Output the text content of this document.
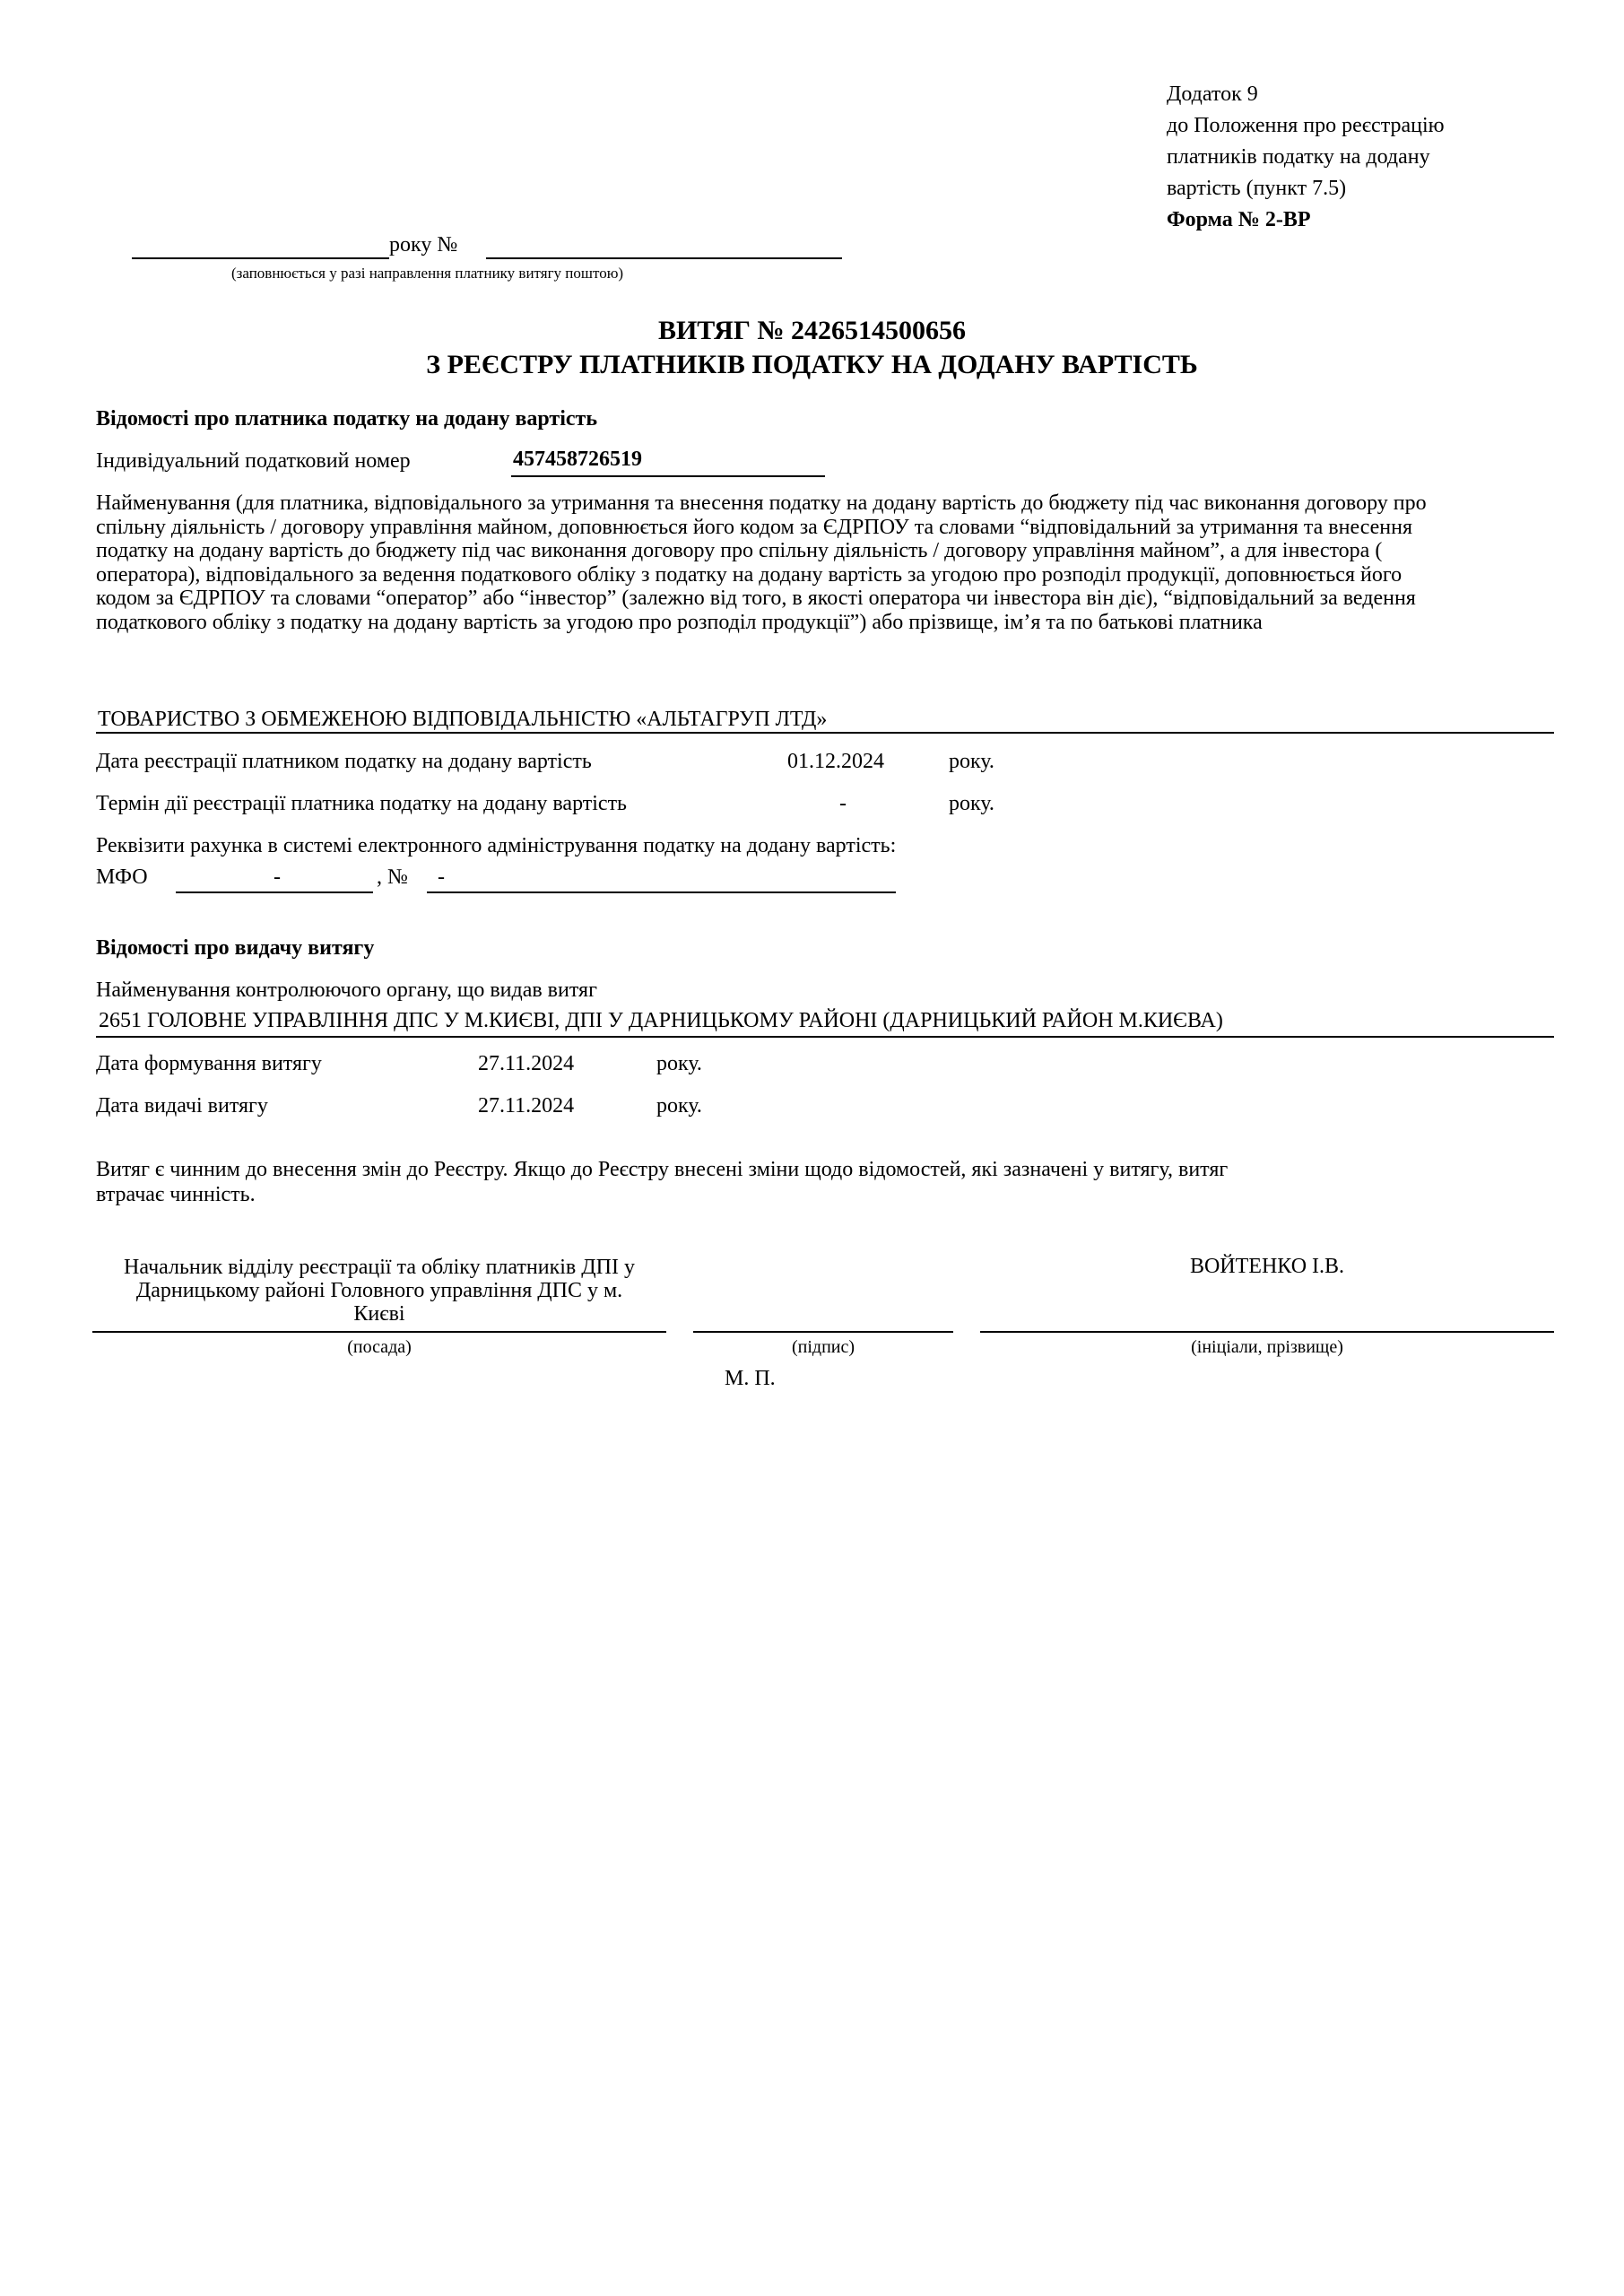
Додаток 9
до Положення про реєстрацію
платників податку на додану
вартість (пункт 7.5)
Форма № 2-ВР
року №
(заповнюється у разі направлення платнику витягу поштою)
ВИТЯГ № 2426514500656
З РЕЄСТРУ ПЛАТНИКІВ ПОДАТКУ НА ДОДАНУ ВАРТІСТЬ
Відомості про платника податку на додану вартість
Індивідуальний податковий номер	457458726519
Найменування (для платника, відповідального за утримання та внесення податку на додану вартість до бюджету під час виконання договору про
спільну діяльність / договору управління майном, доповнюється його кодом за ЄДРПОУ та словами “відповідальний за утримання та внесення
податку на додану вартість до бюджету під час виконання договору про спільну діяльність / договору управління майном”, а для інвестора (
оператора), відповідального за ведення податкового обліку з податку на додану вартість за угодою про розподіл продукції, доповнюється його
кодом за ЄДРПОУ та словами “оператор” або “інвестор” (залежно від того, в якості оператора чи інвестора він діє), “відповідальний за ведення
податкового обліку з податку на додану вартість за угодою про розподіл продукції”) або прізвище, ім’я та по батькові платника
ТОВАРИСТВО З ОБМЕЖЕНОЮ ВІДПОВІДАЛЬНІСТЮ «АЛЬТАГРУП ЛТД»
Дата реєстрації платником податку на додану вартість	01.12.2024	року.
Термін дії реєстрації платника податку на додану вартість	-	року.
Реквізити рахунка в системі електронного адміністрування податку на додану вартість:
МФО	-	, № -
Відомості про видачу витягу
Найменування контролюючого органу, що видав витяг
2651 ГОЛОВНЕ УПРАВЛІННЯ ДПС У М.КИЄВІ, ДПІ У ДАРНИЦЬКОМУ РАЙОНІ (ДАРНИЦЬКИЙ РАЙОН М.КИЄВА)
Дата формування витягу	27.11.2024	року.
Дата видачі витягу	27.11.2024	року.
Витяг є чинним до внесення змін до Реєстру. Якщо до Реєстру внесені зміни щодо відомостей, які зазначені у витягу, витяг
втрачає чинність.
Начальник відділу реєстрації та обліку платників ДПІ у
Дарницькому районі Головного управління ДПС у м.
Києві
ВОЙТЕНКО І.В.
(посада)	(підпис)	(ініціали, прізвище)
М. П.
